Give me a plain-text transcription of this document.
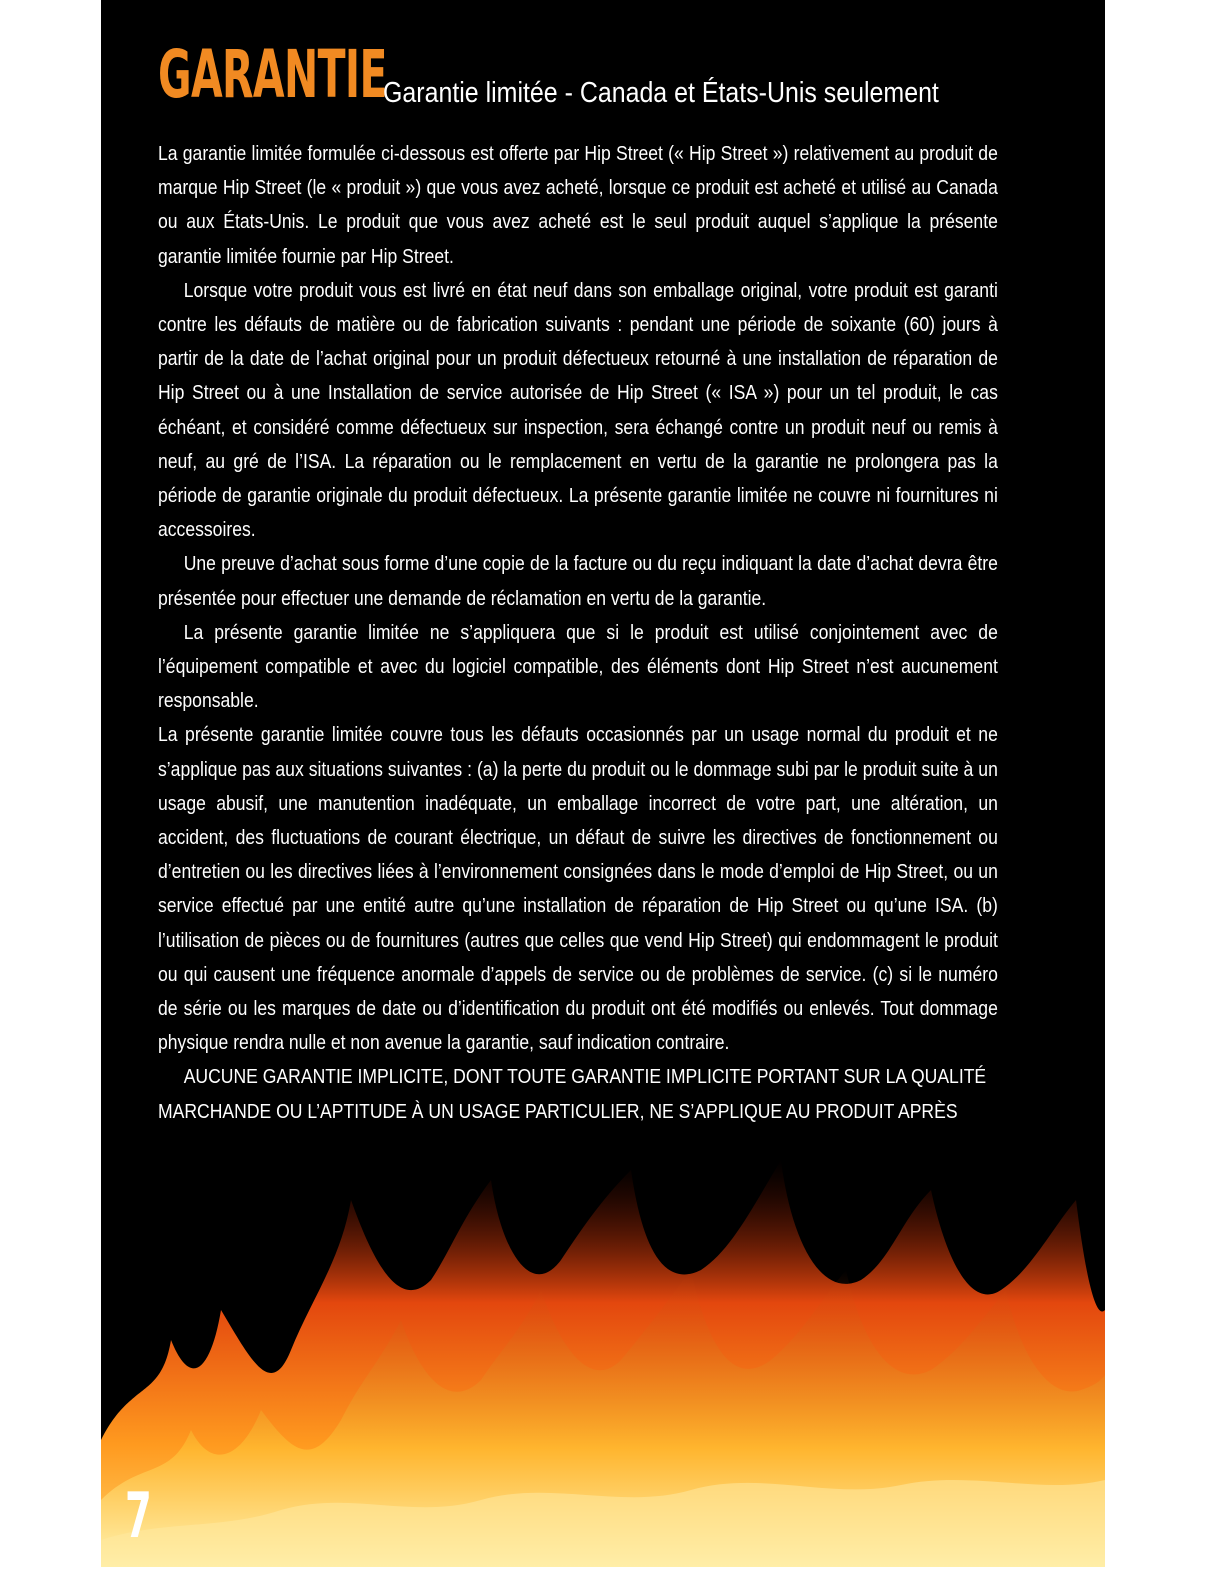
GARANTIE
Garantie limitée - Canada et États-Unis seulement

La garantie limitée formulée ci-dessous est offerte par Hip Street (« Hip Street ») relativement au produit de marque Hip Street (le « produit ») que vous avez acheté, lorsque ce produit est acheté et utilisé au Canada ou aux États-Unis. Le produit que vous avez acheté est le seul produit auquel s’applique la présente garantie limitée fournie par Hip Street.

Lorsque votre produit vous est livré en état neuf dans son emballage original, votre produit est garanti contre les défauts de matière ou de fabrication suivants : pendant une période de soixante (60) jours à partir de la date de l’achat original pour un produit défectueux retourné à une installation de réparation de Hip Street ou à une Installation de service autorisée de Hip Street (« ISA ») pour un tel produit, le cas échéant, et considéré comme défectueux sur inspection, sera échangé contre un produit neuf ou remis à neuf, au gré de l’ISA. La réparation ou le remplacement en vertu de la garantie ne prolongera pas la période de garantie originale du produit défectueux. La présente garantie limitée ne couvre ni fournitures ni accessoires.

Une preuve d’achat sous forme d’une copie de la facture ou du reçu indiquant la date d’achat devra être présentée pour effectuer une demande de réclamation en vertu de la garantie.

La présente garantie limitée ne s’appliquera que si le produit est utilisé conjointement avec de l’équipement compatible et avec du logiciel compatible, des éléments dont Hip Street n’est aucunement responsable.

La présente garantie limitée couvre tous les défauts occasionnés par un usage normal du produit et ne s’applique pas aux situations suivantes : (a) la perte du produit ou le dommage subi par le produit suite à un usage abusif, une manutention inadéquate, un emballage incorrect de votre part, une altération, un accident, des fluctuations de courant électrique, un défaut de suivre les directives de fonctionnement ou d’entretien ou les directives liées à l’environnement consignées dans le mode d’emploi de Hip Street, ou un service effectué par une entité autre qu’une installation de réparation de Hip Street ou qu’une ISA. (b) l’utilisation de pièces ou de fournitures (autres que celles que vend Hip Street) qui endommagent le produit ou qui causent une fréquence anormale d’appels de service ou de problèmes de service. (c) si le numéro de série ou les marques de date ou d’identification du produit ont été modifiés ou enlevés. Tout dommage physique rendra nulle et non avenue la garantie, sauf indication contraire.

AUCUNE GARANTIE IMPLICITE, DONT TOUTE GARANTIE IMPLICITE PORTANT SUR LA QUALITÉ MARCHANDE OU L’APTITUDE À UN USAGE PARTICULIER, NE S’APPLIQUE AU PRODUIT APRÈS

7
